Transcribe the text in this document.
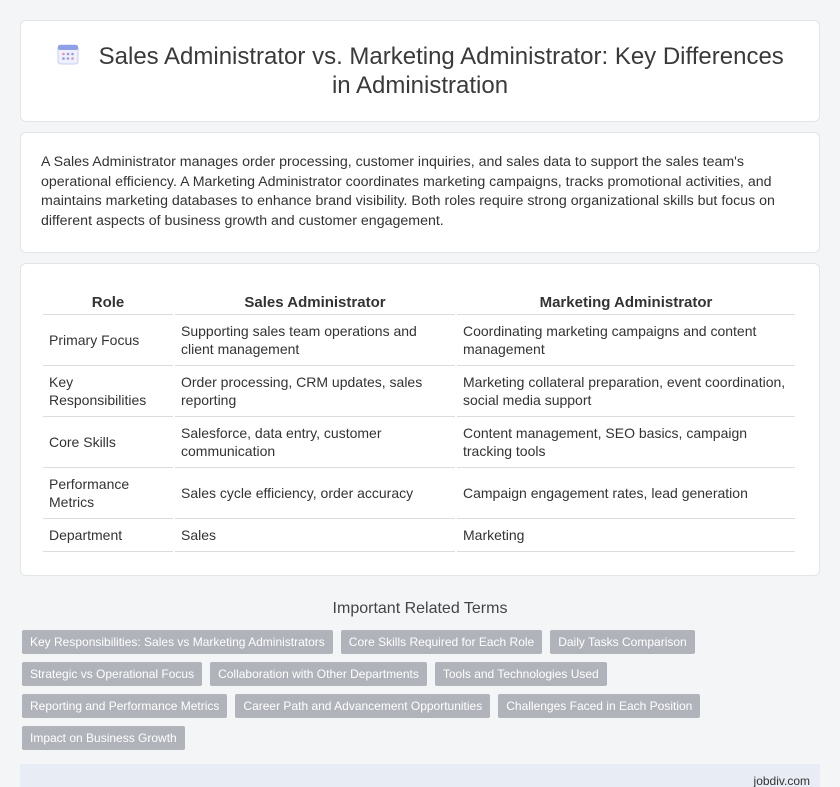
Sales Administrator vs. Marketing Administrator: Key Differences in Administration

A Sales Administrator manages order processing, customer inquiries, and sales data to support the sales team's operational efficiency. A Marketing Administrator coordinates marketing campaigns, tracks promotional activities, and maintains marketing databases to enhance brand visibility. Both roles require strong organizational skills but focus on different aspects of business growth and customer engagement.

Role	Sales Administrator	Marketing Administrator
Primary Focus	Supporting sales team operations and client management	Coordinating marketing campaigns and content management
Key Responsibilities	Order processing, CRM updates, sales reporting	Marketing collateral preparation, event coordination, social media support
Core Skills	Salesforce, data entry, customer communication	Content management, SEO basics, campaign tracking tools
Performance Metrics	Sales cycle efficiency, order accuracy	Campaign engagement rates, lead generation
Department	Sales	Marketing
Important Related Terms
Key Responsibilities: Sales vs Marketing Administrators	Core Skills Required for Each Role	Daily Tasks Comparison
Strategic vs Operational Focus	Collaboration with Other Departments	Tools and Technologies Used
Reporting and Performance Metrics	Career Path and Advancement Opportunities	Challenges Faced in Each Position
Impact on Business Growth
jobdiv.com
